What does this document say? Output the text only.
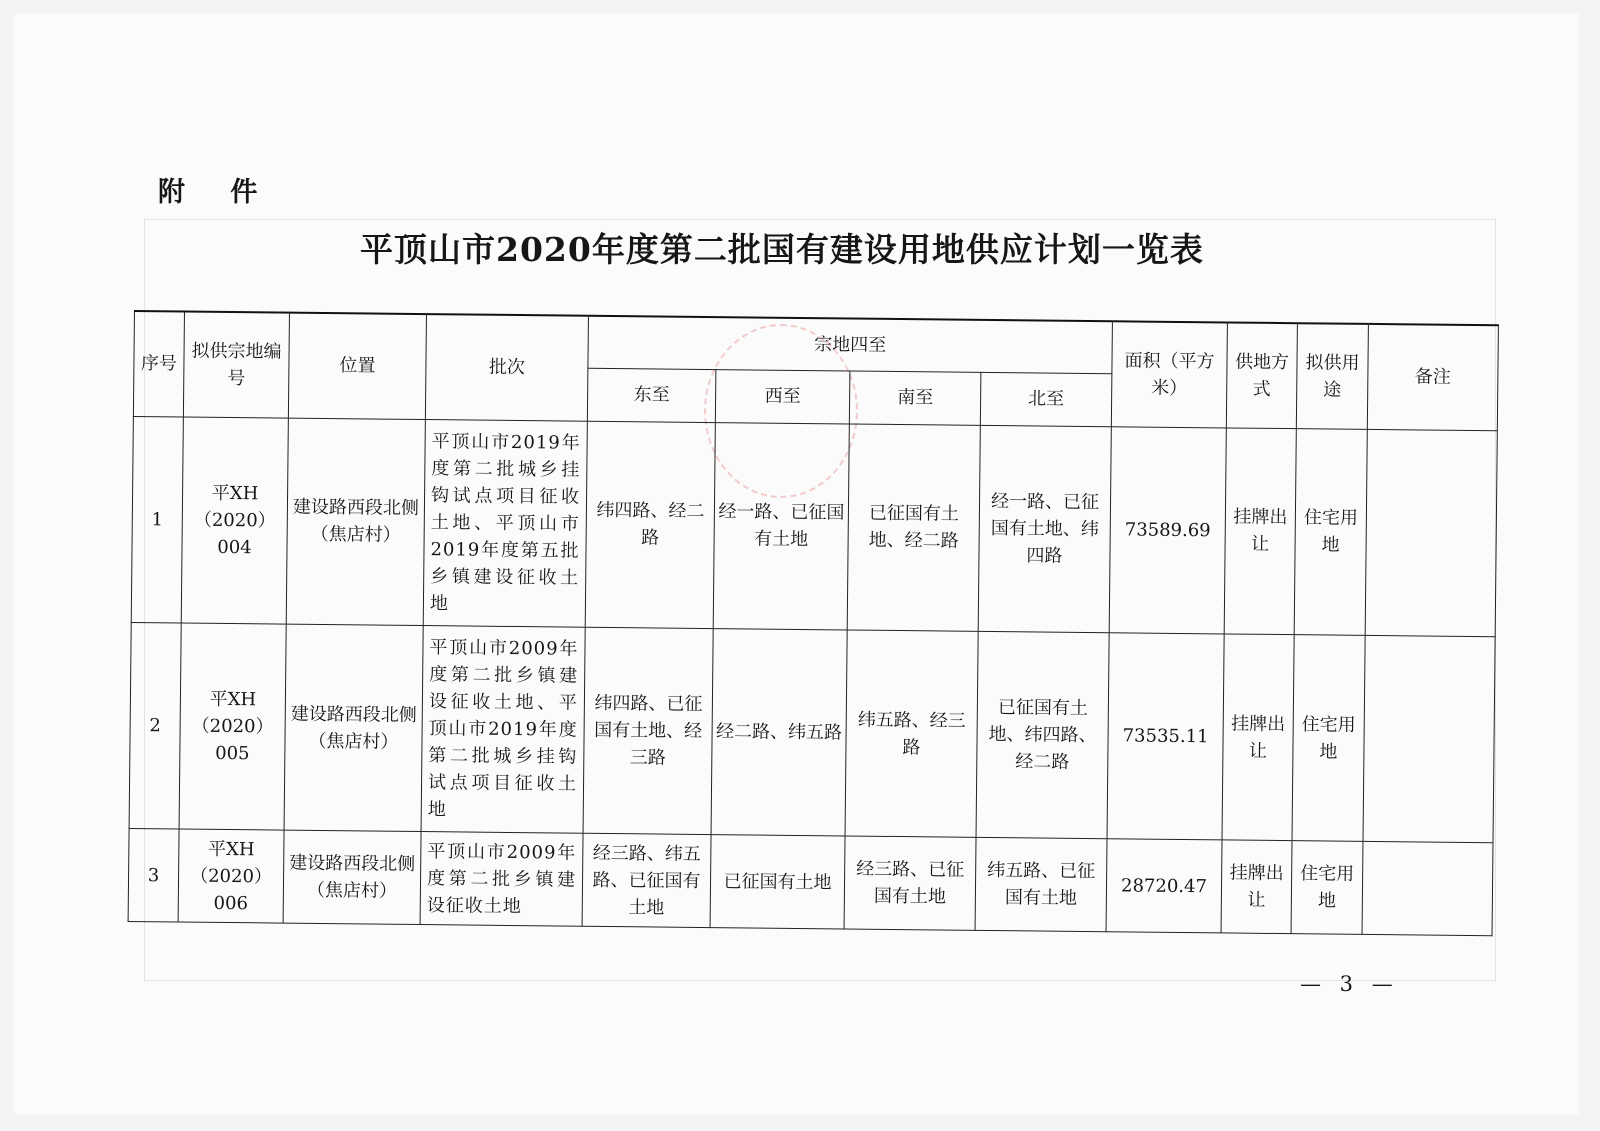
附 件
平顶山市2020年度第二批国有建设用地供应计划一览表
序号	拟供宗地编号	位置	批次	宗地四至				面积（平方米）	供地方式	拟供用途	备注
				东至	西至	南至	北至				
1	平XH（2020）004	建设路西段北侧（焦店村）	平顶山市2019年度第二批城乡挂钩试点项目征收土地、平顶山市2019年度第五批乡镇建设征收土地	纬四路、经二路	经一路、已征国有土地	已征国有土地、经二路	经一路、已征国有土地、纬四路	73589.69	挂牌出让	住宅用地	
2	平XH（2020）005	建设路西段北侧（焦店村）	平顶山市2009年度第二批乡镇建设征收土地、平顶山市2019年度第二批城乡挂钩试点项目征收土地	纬四路、已征国有土地、经三路	经二路、纬五路	纬五路、经三路	已征国有土地、纬四路、经二路	73535.11	挂牌出让	住宅用地	
3	平XH（2020）006	建设路西段北侧（焦店村）	平顶山市2009年度第二批乡镇建设征收土地	经三路、纬五路、已征国有土地	已征国有土地	经三路、已征国有土地	纬五路、已征国有土地	28720.47	挂牌出让	住宅用地	
— 3 —
